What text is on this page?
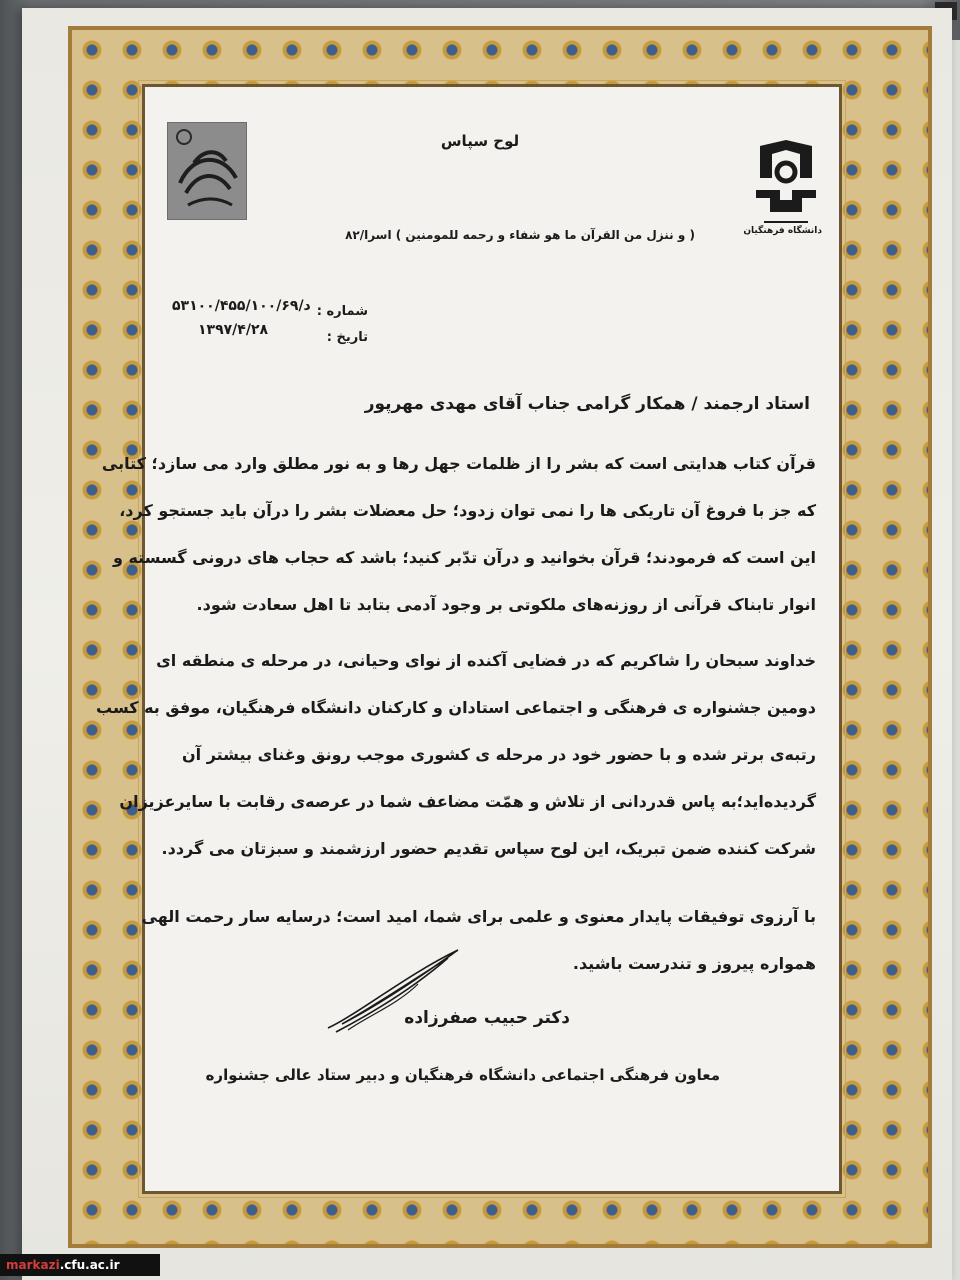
دانشگاه فرهنگیان
لوح سپاس
( و ننزل من القرآن ما هو شفاء و رحمه للمومنین ) اسرا/۸۲
شماره :
د/۵۳۱۰۰/۴۵۵/۱۰۰/۶۹
تاریخ :
۱۳۹۷/۴/۲۸
استاد ارجمند / همکار گرامی جناب آقای مهدی مهرپور
قرآن کتاب هدایتی است که بشر را از ظلمات جهل رها و به نور مطلق وارد می سازد؛ کتابی
که جز با فروغ آن تاریکی ها را نمی توان زدود؛ حل معضلات بشر را درآن باید جستجو کرد،
این است که فرمودند؛ قرآن بخوانید و درآن تدّبر کنید؛ باشد که حجاب های درونی گسسته و
انوار تابناک قرآنی از روزنه‌های ملکوتی بر وجود آدمی بتابد تا اهل سعادت شود.
خداوند سبحان را شاکریم که در فضایی آکنده از نوای وحیانی، در مرحله ی منطقه ای
دومین جشنواره ی فرهنگی و اجتماعی استادان و کارکنان دانشگاه فرهنگیان، موفق به کسب
رتبه‌ی برتر شده و با حضور خود در مرحله ی کشوری موجب رونق وغنای بیشتر آن
گردیده‌اید؛به پاس قدردانی از تلاش و همّت مضاعف شما در عرصه‌ی رقابت با سایرعزیزان
شرکت کننده ضمن تبریک، این لوح سپاس تقدیم حضور ارزشمند و سبزتان می گردد.
با آرزوی توفیقات پایدار معنوی و علمی برای شما، امید است؛ درسایه سار رحمت الهی
همواره پیروز و تندرست باشید.
دکتر حبیب صفرزاده
معاون فرهنگی اجتماعی دانشگاه فرهنگیان و دبیر ستاد عالی جشنواره
markazi.cfu.ac.ir
